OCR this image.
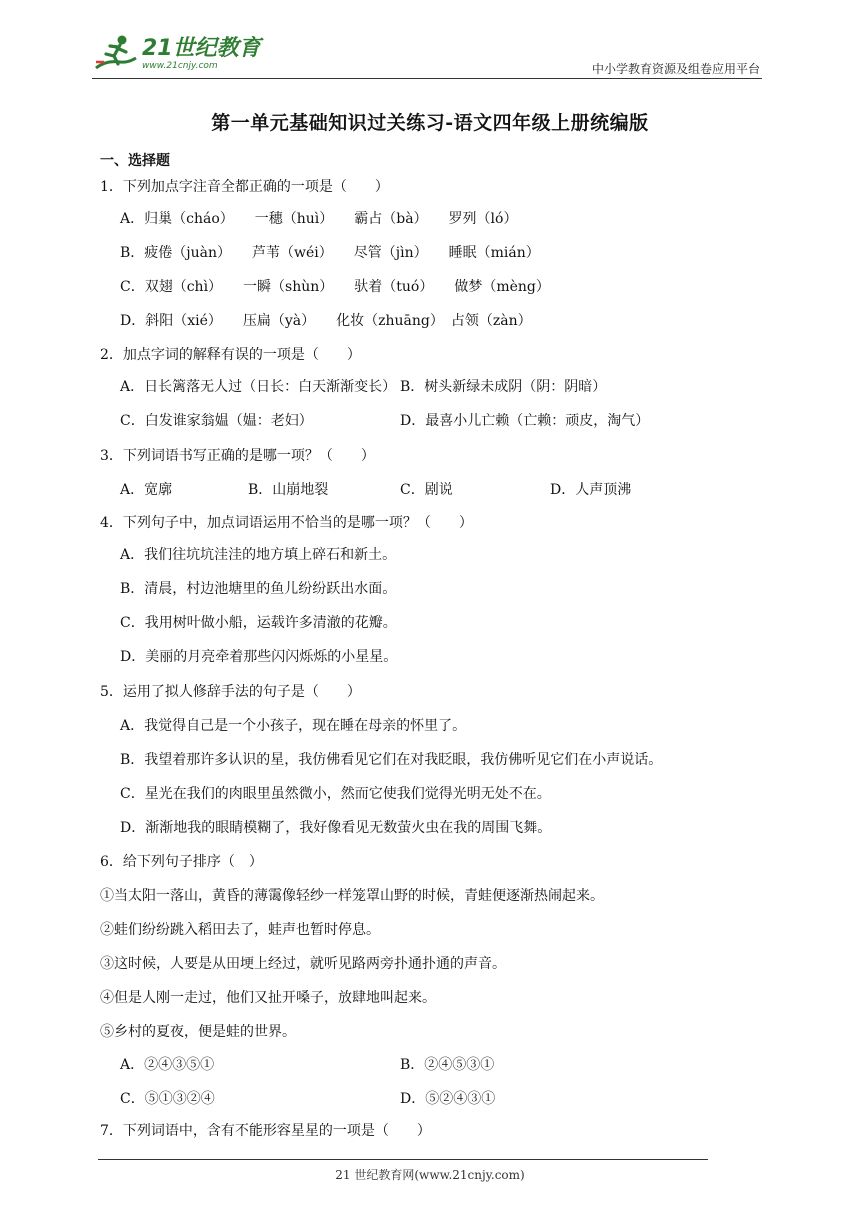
21世纪教育
www.21cnjy.com	中小学教育资源及组卷应用平台
第一单元基础知识过关练习-语文四年级上册统编版
一、选择题
1．下列加点字注音全都正确的一项是（　　）
A．归巢（cháo）　　一穗（huì）　　霸占（bà）　　罗列（ló）
B．疲倦（juàn）　　芦苇（wéi）　　尽管（jìn）　　睡眠（mián）
C．双翅（chì）　　一瞬（shùn）　　驮着（tuó）　　做梦（mèng）
D．斜阳（xié）　　压扁（yà）　　化妆（zhuāng）　占领（zàn）
2．加点字词的解释有误的一项是（　　）
A．日长篱落无人过（日长：白天渐渐变长） B．树头新绿未成阴（阴：阴暗）
C．白发谁家翁媪（媪：老妇）	D．最喜小儿亡赖（亡赖：顽皮，淘气）
3．下列词语书写正确的是哪一项？（　　）
A．宽廓	B．山崩地裂	C．剧说	D．人声顶沸
4．下列句子中，加点词语运用不恰当的是哪一项？（　　）
A．我们往坑坑洼洼的地方填上碎石和新土。
B．清晨，村边池塘里的鱼儿纷纷跃出水面。
C．我用树叶做小船，运载许多清澈的花瓣。
D．美丽的月亮牵着那些闪闪烁烁的小星星。
5．运用了拟人修辞手法的句子是（　　）
A．我觉得自己是一个小孩子，现在睡在母亲的怀里了。
B．我望着那许多认识的星，我仿佛看见它们在对我眨眼，我仿佛听见它们在小声说话。
C．星光在我们的肉眼里虽然微小，然而它使我们觉得光明无处不在。
D．渐渐地我的眼睛模糊了，我好像看见无数萤火虫在我的周围飞舞。
6．给下列句子排序（　）
①当太阳一落山，黄昏的薄霭像轻纱一样笼罩山野的时候，青蛙便逐渐热闹起来。
②蛙们纷纷跳入稻田去了，蛙声也暂时停息。
③这时候，人要是从田埂上经过，就听见路两旁扑通扑通的声音。
④但是人刚一走过，他们又扯开嗓子，放肆地叫起来。
⑤乡村的夏夜，便是蛙的世界。
A．②④③⑤①	B．②④⑤③①
C．⑤①③②④	D．⑤②④③①
7．下列词语中，含有不能形容星星的一项是（　　）
21 世纪教育网(www.21cnjy.com)
